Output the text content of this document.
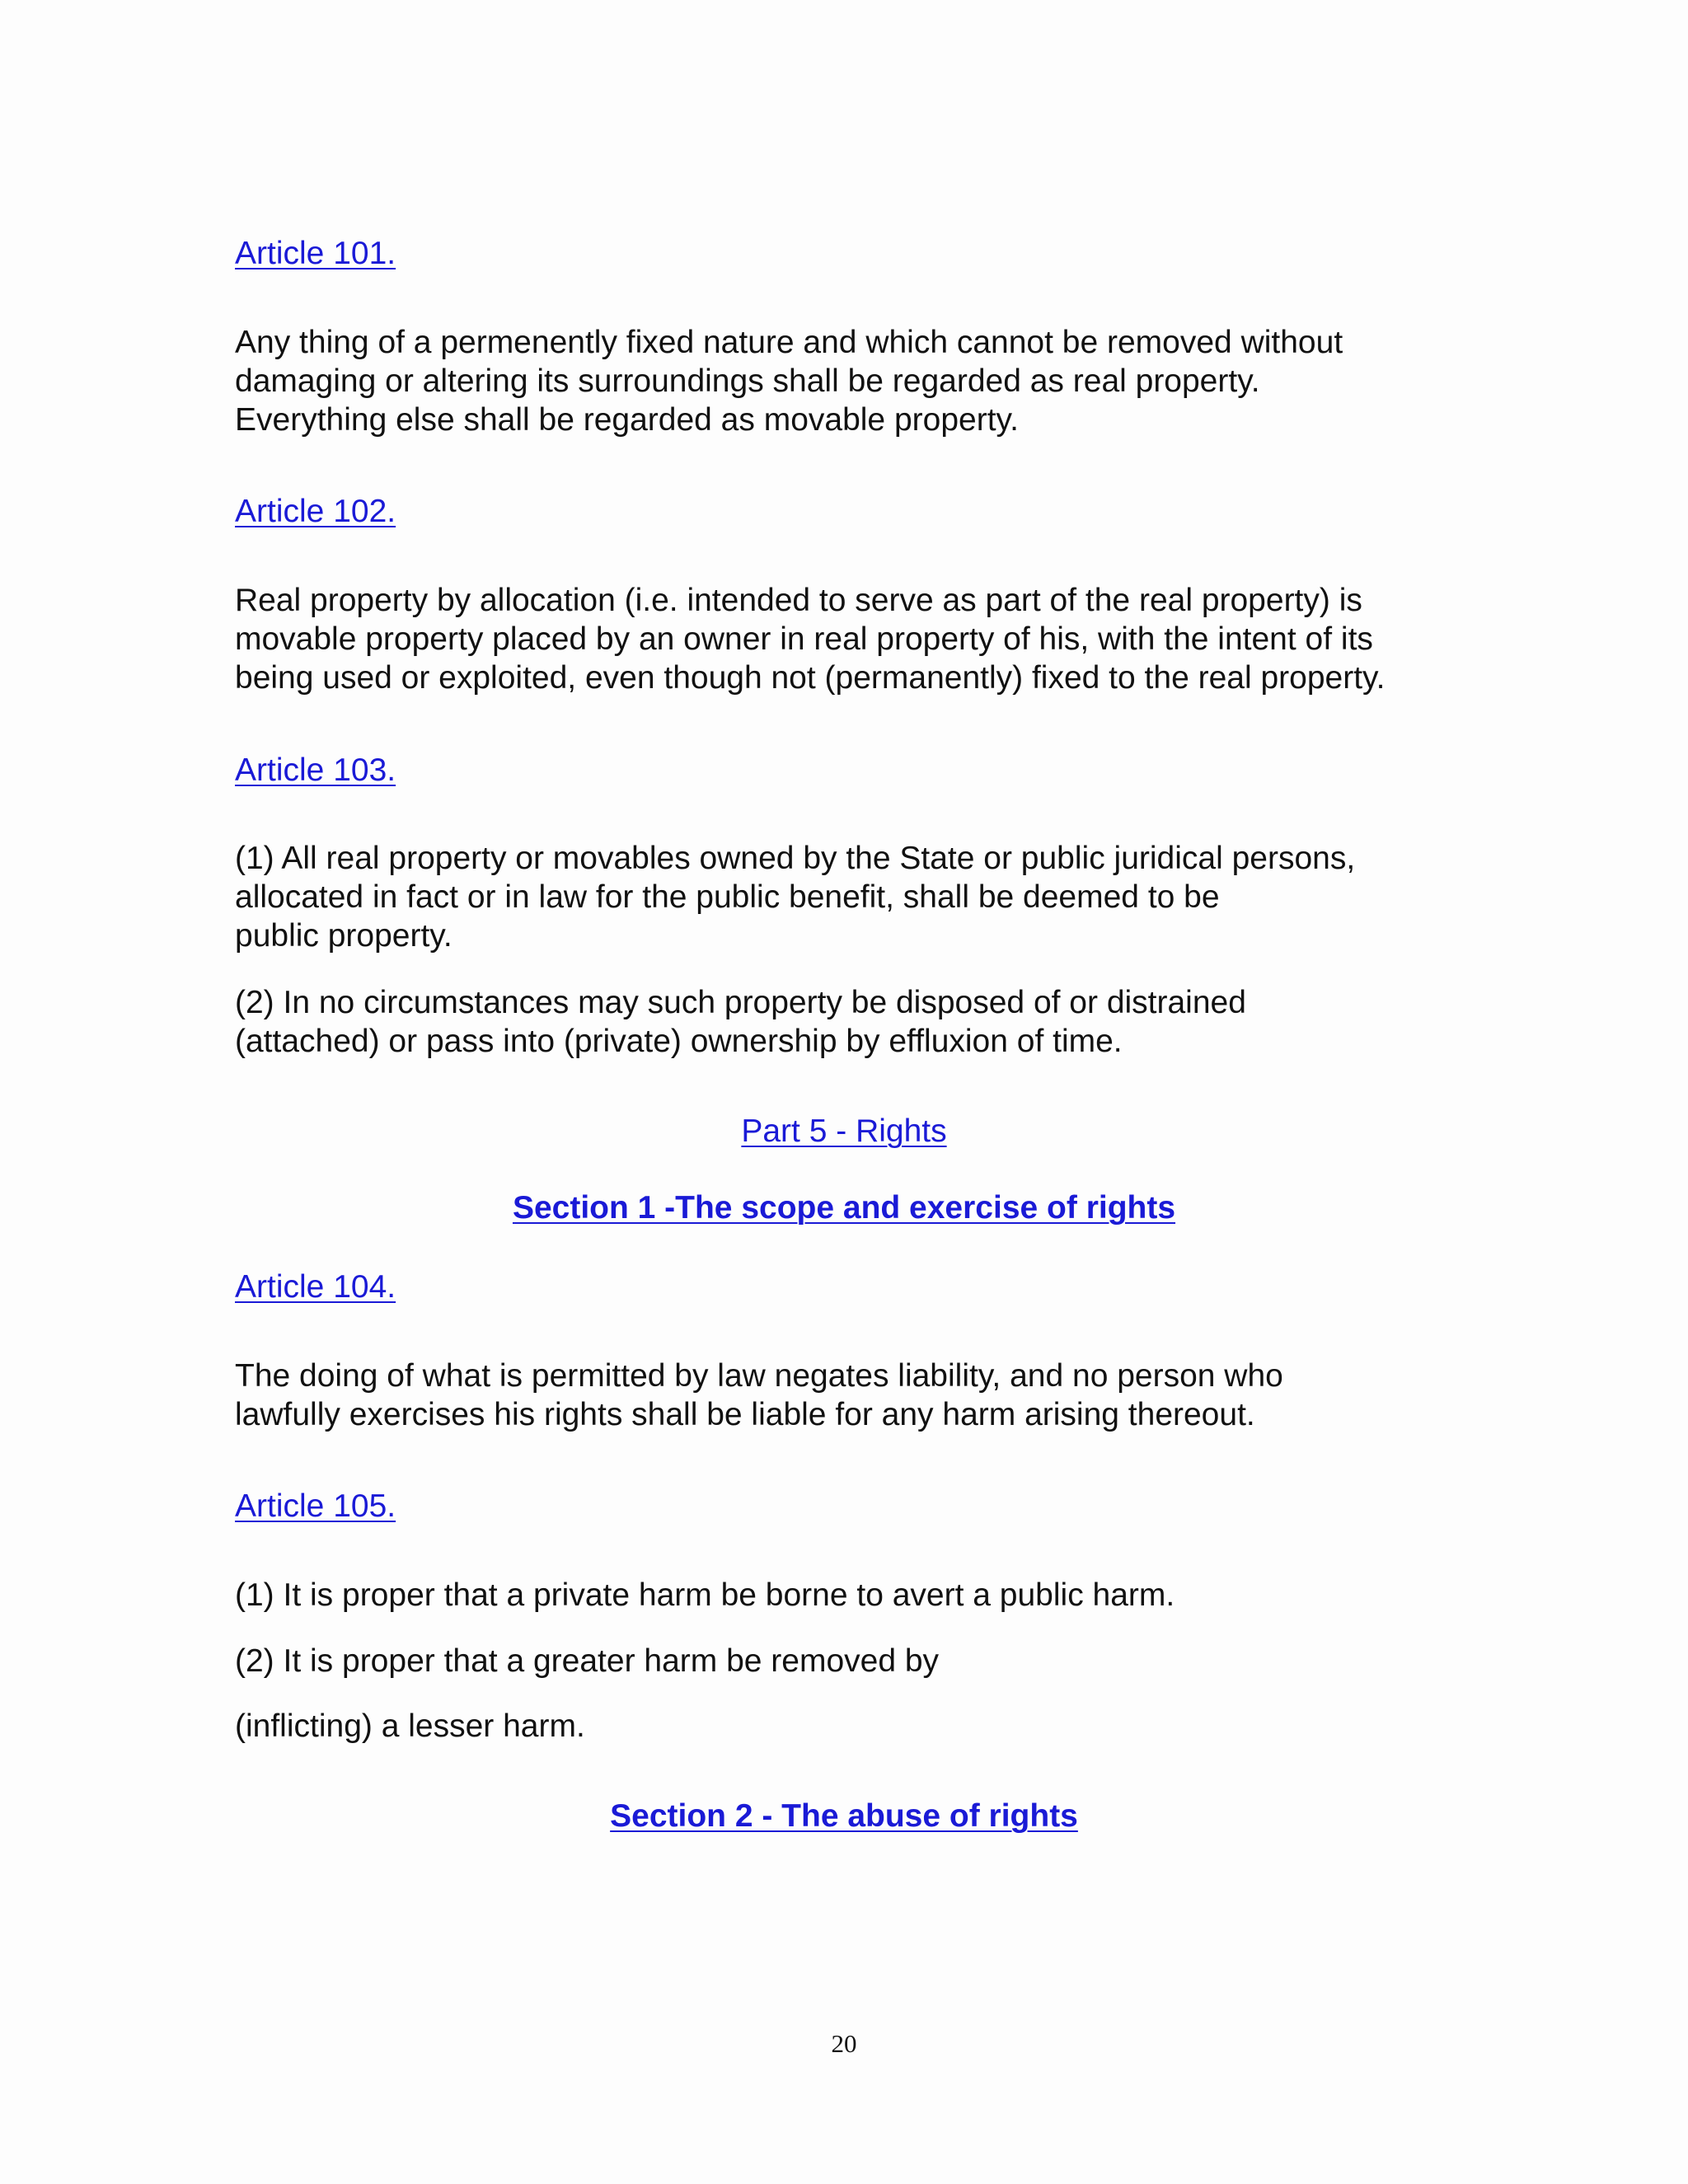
Article 101.

Any thing of a permenently fixed nature and which cannot be removed without
damaging or altering its surroundings shall be regarded as real property.
Everything else shall be regarded as movable property.

Article 102.

Real property by allocation (i.e. intended to serve as part of the real property) is
movable property placed by an owner in real property of his, with the intent of its
being used or exploited, even though not (permanently) fixed to the real property.

Article 103.

(1) All real property or movables owned by the State or public juridical persons,
allocated in fact or in law for the public benefit, shall be deemed to be
public property.

(2) In no circumstances may such property be disposed of or distrained
(attached) or pass into (private) ownership by effluxion of time.

Part 5 - Rights

Section 1 -The scope and exercise of rights

Article 104.

The doing of what is permitted by law negates liability, and no person who
lawfully exercises his rights shall be liable for any harm arising thereout.

Article 105.

(1) It is proper that a private harm be borne to avert a public harm.

(2) It is proper that a greater harm be removed by

(inflicting) a lesser harm.

Section 2 - The abuse of rights

20
